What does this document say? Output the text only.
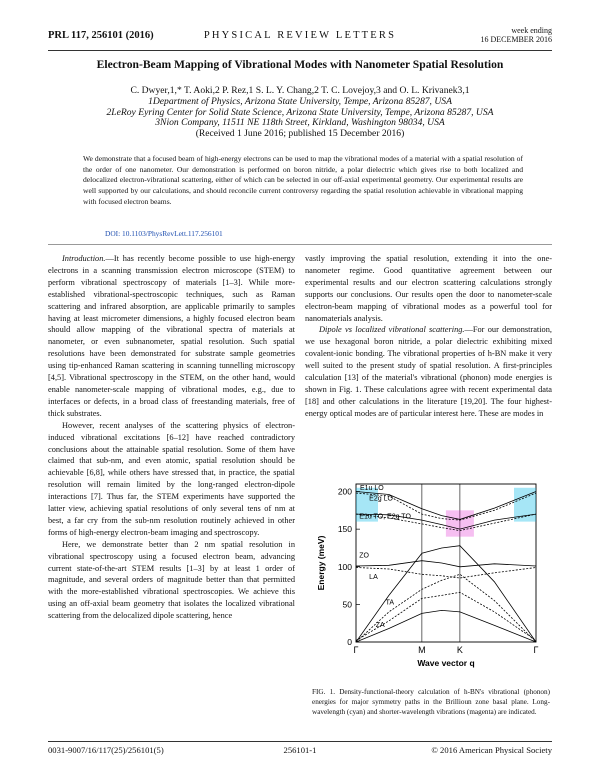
PRL 117, 256101 (2016)	PHYSICAL REVIEW LETTERS	week ending
16 DECEMBER 2016
Electron-Beam Mapping of Vibrational Modes with Nanometer Spatial Resolution
C. Dwyer,1,* T. Aoki,2 P. Rez,1 S. L. Y. Chang,2 T. C. Lovejoy,3 and O. L. Krivanek3,1
1Department of Physics, Arizona State University, Tempe, Arizona 85287, USA
2LeRoy Eyring Center for Solid State Science, Arizona State University, Tempe, Arizona 85287, USA
3Nion Company, 11511 NE 118th Street, Kirkland, Washington 98034, USA
(Received 1 June 2016; published 15 December 2016)
We demonstrate that a focused beam of high-energy electrons can be used to map the vibrational modes of a material with a spatial resolution of the order of one nanometer. Our demonstration is performed on boron nitride, a polar dielectric which gives rise to both localized and delocalized electron-vibrational scattering, either of which can be selected in our off-axial experimental geometry. Our experimental results are well supported by our calculations, and should reconcile current controversy regarding the spatial resolution achievable in vibrational mapping with focused electron beams.
DOI: 10.1103/PhysRevLett.117.256101

Introduction.—It has recently become possible to use high-energy electrons in a scanning transmission electron microscope (STEM) to perform vibrational spectroscopy of materials [1–3]. While more-established vibrational-spectroscopic techniques, such as Raman scattering and infrared absorption, are applicable primarily to samples having at least micrometer dimensions, a highly focused electron beam should allow mapping of the vibrational spectra of materials at nanometer, or even subnanometer, spatial resolution. Such spatial resolutions have been demonstrated for substrate sample geometries using tip-enhanced Raman scattering in scanning tunnelling microscopy [4,5]. Vibrational spectroscopy in the STEM, on the other hand, would enable nanometer-scale mapping of vibrational modes, e.g., due to interfaces or defects, in a broad class of freestanding materials, free of thick substrates.

However, recent analyses of the scattering physics of electron-induced vibrational excitations [6–12] have reached contradictory conclusions about the attainable spatial resolution. Some of them have claimed that sub-nm, and even atomic, spatial resolution should be achievable [6,8], while others have stressed that, in practice, the spatial resolution will remain limited by the long-ranged electron-dipole interactions [7]. Thus far, the STEM experiments have supported the latter view, achieving spatial resolutions of only several tens of nm at best, a far cry from the sub-nm resolution routinely achieved in other forms of high-energy electron-beam imaging and spectroscopy.

Here, we demonstrate better than 2 nm spatial resolution in vibrational spectroscopy using a focused electron beam, advancing current state-of-the-art STEM results [1–3] by at least 1 order of magnitude, and several orders of magnitude better than that permitted with the more-established vibrational spectroscopies. We achieve this using an off-axial beam geometry that isolates the localized vibrational scattering from the delocalized dipole scattering, hence

vastly improving the spatial resolution, extending it into the one-nanometer regime. Good quantitative agreement between our experimental results and our electron scattering calculations strongly supports our conclusions. Our results open the door to nanometer-scale electron-beam mapping of vibrational modes as a powerful tool for nanomaterials analysis.

Dipole vs localized vibrational scattering.—For our demonstration, we use hexagonal boron nitride, a polar dielectric exhibiting mixed covalent-ionic bonding. The vibrational properties of h-BN make it very well suited to the present study of spatial resolution. A first-principles calculation [13] of the material's vibrational (phonon) mode energies is shown in Fig. 1. These calculations agree with recent experimental data [18] and other calculations in the literature [19,20]. The four highest-energy optical modes are of particular interest here. These are modes in

0
50
100
150
200
Γ	M	K	Γ
Wave vector q
Energy (meV)
E1u LO
E2g LO
E1u TO, E2g TO
ZO
LA
TA
ZA
FIG. 1. Density-functional-theory calculation of h-BN's vibrational (phonon) energies for major symmetry paths in the Brillioun zone basal plane. Long-wavelength (cyan) and shorter-wavelength vibrations (magenta) are indicated.
0031-9007/16/117(25)/256101(5)	256101-1	© 2016 American Physical Society
